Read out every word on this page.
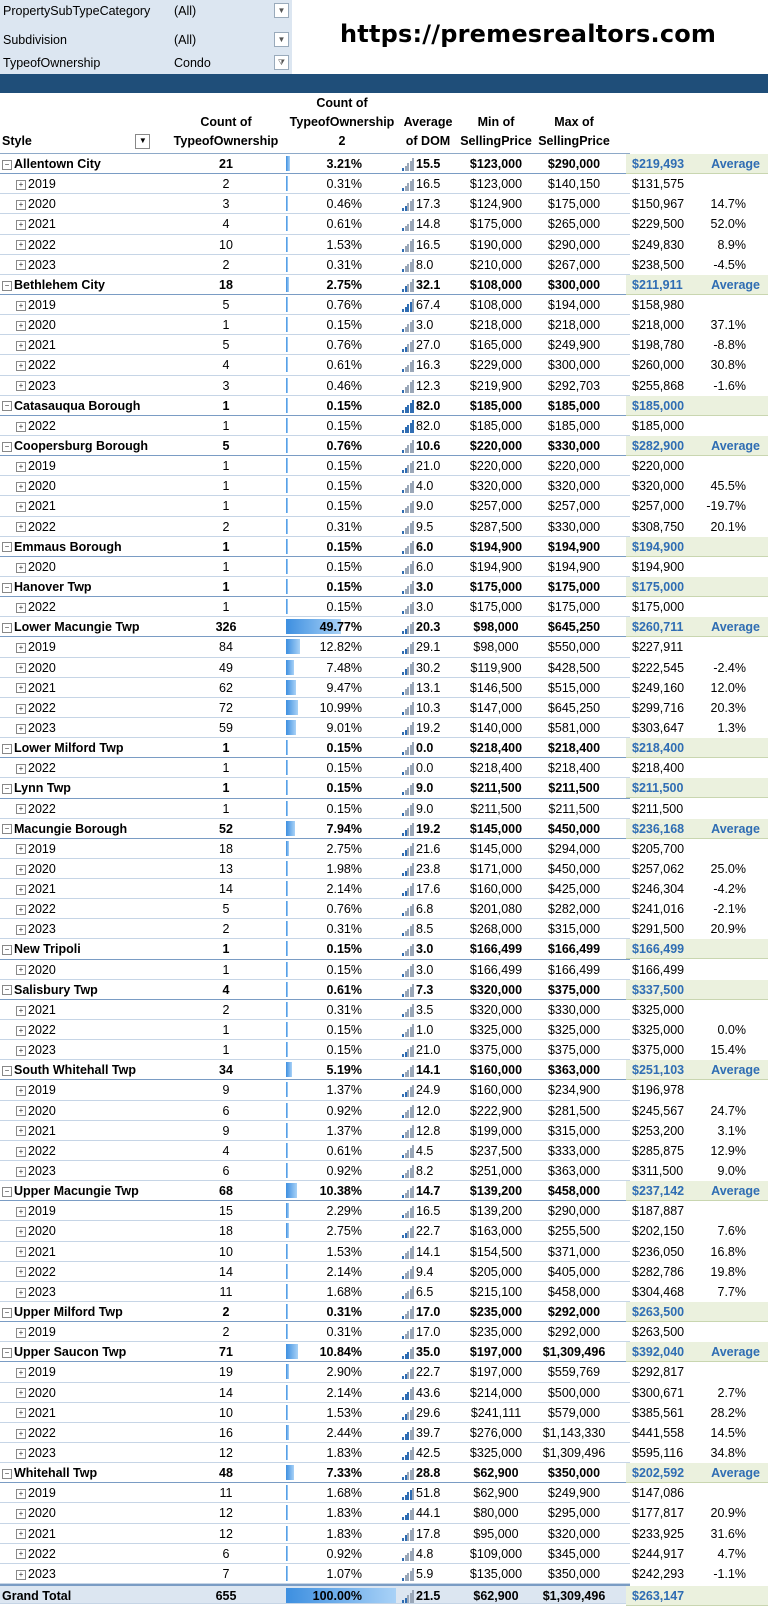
PropertySubTypeCategory (All)	▼
Subdivision	(All)	▼
TypeofOwnership	Condo	⧩
https://premesrealtors.com
Style	▼
Count of
TypeofOwnership
Count of
TypeofOwnership
2
Average
of DOM
Min of
SellingPrice
Max of
SellingPrice
− Allentown City	21	3.21%	15.5	$123,000	$290,000	$219,493 Average
+ 2019	2	0.31%	16.5	$123,000	$140,150	$131,575
+ 2020	3	0.46%	17.3	$124,900	$175,000	$150,967 14.7%
+ 2021	4	0.61%	14.8	$175,000	$265,000	$229,500 52.0%
+ 2022	10	1.53%	16.5	$190,000	$290,000	$249,830	8.9%
+ 2023	2	0.31%	8.0	$210,000	$267,000	$238,500 -4.5%
− Bethlehem City	18	2.75%	32.1	$108,000	$300,000	$211,911 Average
+ 2019	5	0.76%	67.4	$108,000	$194,000	$158,980
+ 2020	1	0.15%	3.0	$218,000	$218,000	$218,000 37.1%
+ 2021	5	0.76%	27.0	$165,000	$249,900	$198,780 -8.8%
+ 2022	4	0.61%	16.3	$229,000	$300,000	$260,000 30.8%
+ 2023	3	0.46%	12.3	$219,900	$292,703	$255,868 -1.6%
− Catasauqua Borough	1	0.15%	82.0	$185,000	$185,000	$185,000
+ 2022	1	0.15%	82.0	$185,000	$185,000	$185,000
− Coopersburg Borough	5	0.76%	10.6	$220,000	$330,000	$282,900 Average
+ 2019	1	0.15%	21.0	$220,000	$220,000	$220,000
+ 2020	1	0.15%	4.0	$320,000	$320,000	$320,000 45.5%
+ 2021	1	0.15%	9.0	$257,000	$257,000	$257,000 -19.7%
+ 2022	2	0.31%	9.5	$287,500	$330,000	$308,750 20.1%
− Emmaus Borough	1	0.15%	6.0	$194,900	$194,900	$194,900
+ 2020	1	0.15%	6.0	$194,900	$194,900	$194,900
− Hanover Twp	1	0.15%	3.0	$175,000	$175,000	$175,000
+ 2022	1	0.15%	3.0	$175,000	$175,000	$175,000
− Lower Macungie Twp	326	49.77%	20.3	$98,000	$645,250	$260,711 Average
+ 2019	84	12.82%	29.1	$98,000	$550,000	$227,911
+ 2020	49	7.48%	30.2	$119,900	$428,500	$222,545 -2.4%
+ 2021	62	9.47%	13.1	$146,500	$515,000	$249,160 12.0%
+ 2022	72	10.99%	10.3	$147,000	$645,250	$299,716 20.3%
+ 2023	59	9.01%	19.2	$140,000	$581,000	$303,647	1.3%
− Lower Milford Twp	1	0.15%	0.0	$218,400	$218,400	$218,400
+ 2022	1	0.15%	0.0	$218,400	$218,400	$218,400
− Lynn Twp	1	0.15%	9.0	$211,500	$211,500	$211,500
+ 2022	1	0.15%	9.0	$211,500	$211,500	$211,500
− Macungie Borough	52	7.94%	19.2	$145,000	$450,000	$236,168 Average
+ 2019	18	2.75%	21.6	$145,000	$294,000	$205,700
+ 2020	13	1.98%	23.8	$171,000	$450,000	$257,062 25.0%
+ 2021	14	2.14%	17.6	$160,000	$425,000	$246,304 -4.2%
+ 2022	5	0.76%	6.8	$201,080	$282,000	$241,016 -2.1%
+ 2023	2	0.31%	8.5	$268,000	$315,000	$291,500 20.9%
− New Tripoli	1	0.15%	3.0	$166,499	$166,499	$166,499
+ 2020	1	0.15%	3.0	$166,499	$166,499	$166,499
− Salisbury Twp	4	0.61%	7.3	$320,000	$375,000	$337,500
+ 2021	2	0.31%	3.5	$320,000	$330,000	$325,000
+ 2022	1	0.15%	1.0	$325,000	$325,000	$325,000	0.0%
+ 2023	1	0.15%	21.0	$375,000	$375,000	$375,000 15.4%
− South Whitehall Twp	34	5.19%	14.1	$160,000	$363,000	$251,103 Average
+ 2019	9	1.37%	24.9	$160,000	$234,900	$196,978
+ 2020	6	0.92%	12.0	$222,900	$281,500	$245,567 24.7%
+ 2021	9	1.37%	12.8	$199,000	$315,000	$253,200	3.1%
+ 2022	4	0.61%	4.5	$237,500	$333,000	$285,875 12.9%
+ 2023	6	0.92%	8.2	$251,000	$363,000	$311,500	9.0%
− Upper Macungie Twp	68	10.38%	14.7	$139,200	$458,000	$237,142 Average
+ 2019	15	2.29%	16.5	$139,200	$290,000	$187,887
+ 2020	18	2.75%	22.7	$163,000	$255,500	$202,150	7.6%
+ 2021	10	1.53%	14.1	$154,500	$371,000	$236,050 16.8%
+ 2022	14	2.14%	9.4	$205,000	$405,000	$282,786 19.8%
+ 2023	11	1.68%	6.5	$215,100	$458,000	$304,468	7.7%
− Upper Milford Twp	2	0.31%	17.0	$235,000	$292,000	$263,500
+ 2019	2	0.31%	17.0	$235,000	$292,000	$263,500
− Upper Saucon Twp	71	10.84%	35.0	$197,000	$1,309,496	$392,040 Average
+ 2019	19	2.90%	22.7	$197,000	$559,769	$292,817
+ 2020	14	2.14%	43.6	$214,000	$500,000	$300,671	2.7%
+ 2021	10	1.53%	29.6	$241,111	$579,000	$385,561 28.2%
+ 2022	16	2.44%	39.7	$276,000	$1,143,330	$441,558 14.5%
+ 2023	12	1.83%	42.5	$325,000	$1,309,496	$595,116 34.8%
− Whitehall Twp	48	7.33%	28.8	$62,900	$350,000	$202,592 Average
+ 2019	11	1.68%	51.8	$62,900	$249,900	$147,086
+ 2020	12	1.83%	44.1	$80,000	$295,000	$177,817 20.9%
+ 2021	12	1.83%	17.8	$95,000	$320,000	$233,925 31.6%
+ 2022	6	0.92%	4.8	$109,000	$345,000	$244,917	4.7%
+ 2023	7	1.07%	5.9	$135,000	$350,000	$242,293 -1.1%
Grand Total	655	100.00%	21.5	$62,900	$1,309,496	$263,147
